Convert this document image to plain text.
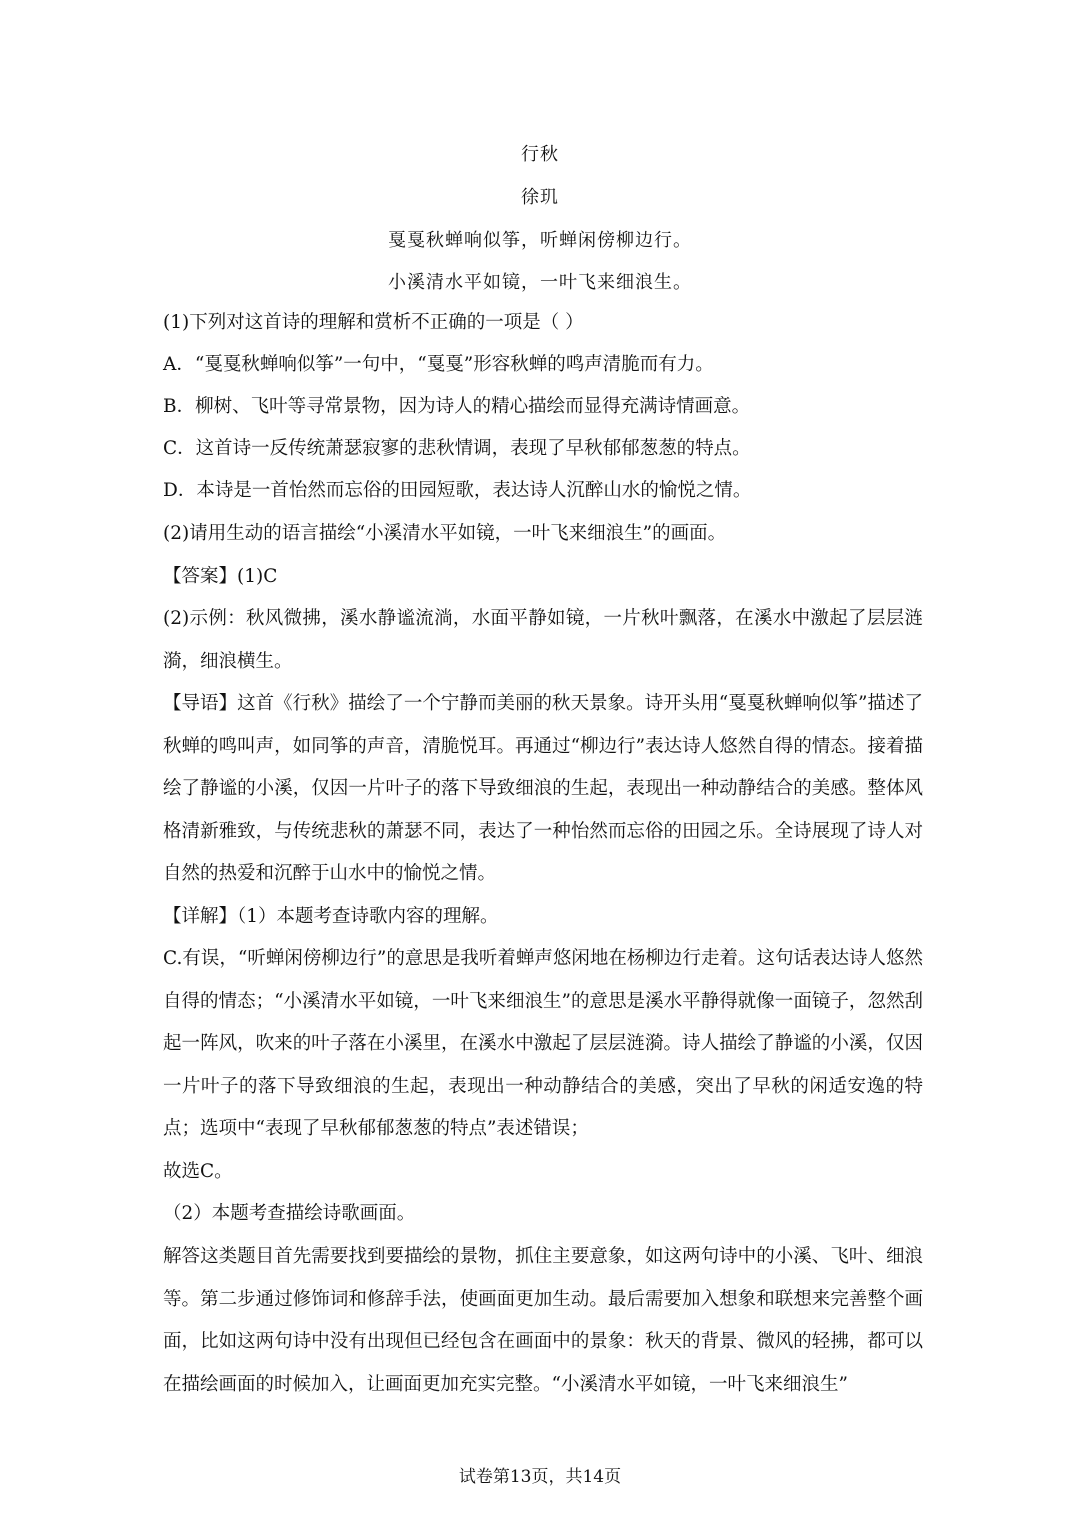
行秋
徐玑
戛戛秋蝉响似筝，听蝉闲傍柳边行。
小溪清水平如镜，一叶飞来细浪生。
(1)下列对这首诗的理解和赏析不正确的一项是（ ）
A．“戛戛秋蝉响似筝”一句中，“戛戛”形容秋蝉的鸣声清脆而有力。
B．柳树、飞叶等寻常景物，因为诗人的精心描绘而显得充满诗情画意。
C．这首诗一反传统萧瑟寂寥的悲秋情调，表现了早秋郁郁葱葱的特点。
D．本诗是一首怡然而忘俗的田园短歌，表达诗人沉醉山水的愉悦之情。
(2)请用生动的语言描绘“小溪清水平如镜，一叶飞来细浪生”的画面。
【答案】(1)C
(2)示例：秋风微拂，溪水静谧流淌，水面平静如镜，一片秋叶飘落，在溪水中激起了层层涟漪，细浪横生。
【导语】这首《行秋》描绘了一个宁静而美丽的秋天景象。诗开头用“戛戛秋蝉响似筝”描述了秋蝉的鸣叫声，如同筝的声音，清脆悦耳。再通过“柳边行”表达诗人悠然自得的情态。接着描绘了静谧的小溪，仅因一片叶子的落下导致细浪的生起，表现出一种动静结合的美感。整体风格清新雅致，与传统悲秋的萧瑟不同，表达了一种怡然而忘俗的田园之乐。全诗展现了诗人对自然的热爱和沉醉于山水中的愉悦之情。
【详解】（1）本题考查诗歌内容的理解。
C.有误，“听蝉闲傍柳边行”的意思是我听着蝉声悠闲地在杨柳边行走着。这句话表达诗人悠然自得的情态；“小溪清水平如镜，一叶飞来细浪生”的意思是溪水平静得就像一面镜子，忽然刮起一阵风，吹来的叶子落在小溪里，在溪水中激起了层层涟漪。诗人描绘了静谧的小溪，仅因一片叶子的落下导致细浪的生起，表现出一种动静结合的美感，突出了早秋的闲适安逸的特点；选项中“表现了早秋郁郁葱葱的特点”表述错误；
故选C。
（2）本题考查描绘诗歌画面。
解答这类题目首先需要找到要描绘的景物，抓住主要意象，如这两句诗中的小溪、飞叶、细浪等。第二步通过修饰词和修辞手法，使画面更加生动。最后需要加入想象和联想来完善整个画面，比如这两句诗中没有出现但已经包含在画面中的景象：秋天的背景、微风的轻拂，都可以在描绘画面的时候加入，让画面更加充实完整。“小溪清水平如镜，一叶飞来细浪生”
试卷第13页，共14页
